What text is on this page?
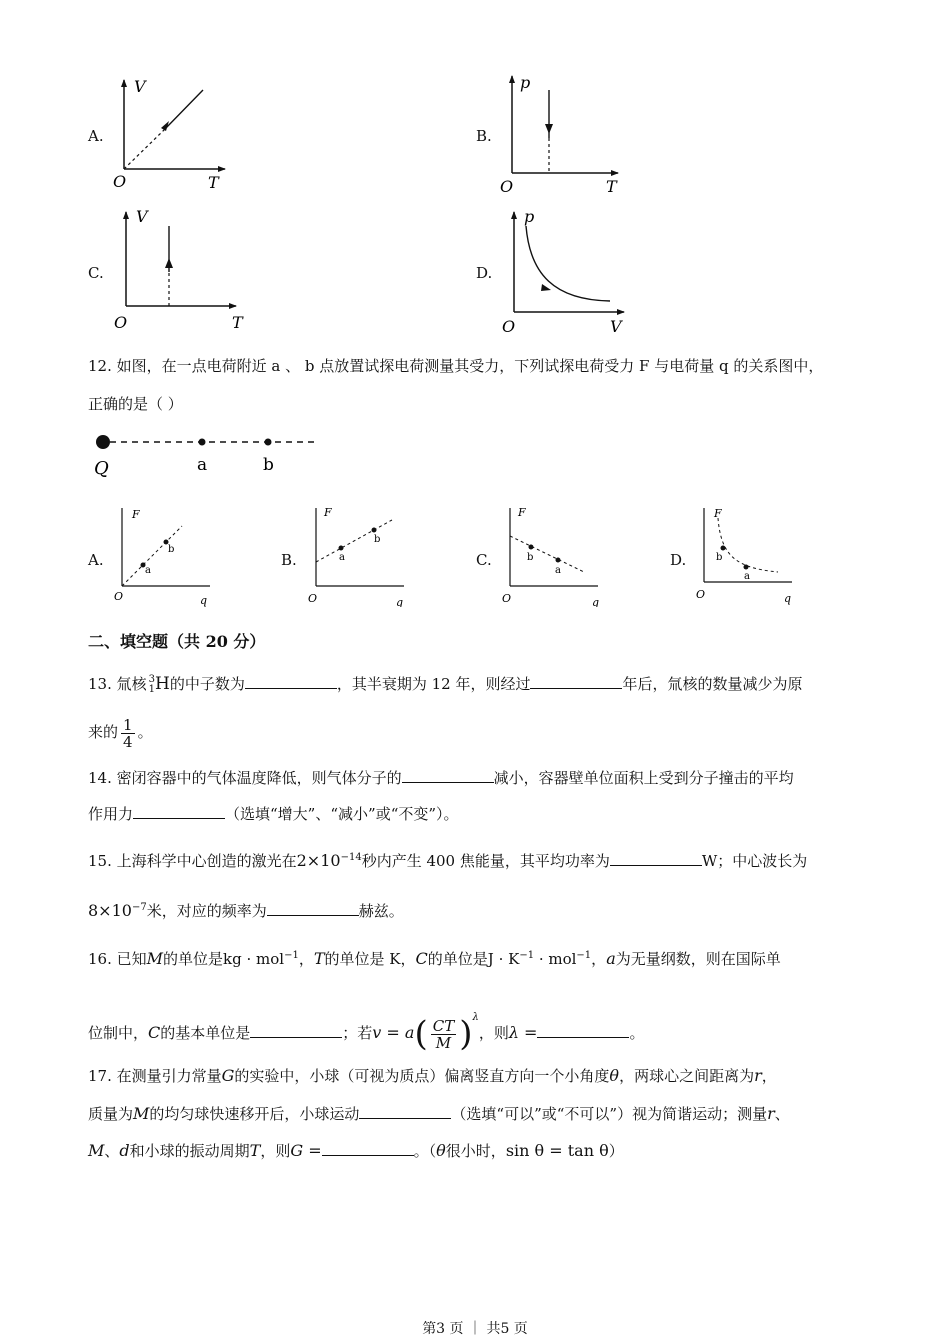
A.
V
T
O
B.
p
T
O
C.
V
T
O
D.
p
V
O
12. 如图，在一点电荷附近 a 、 b 点放置试探电荷测量其受力，下列试探电荷受力 F 与电荷量 q 的关系图中，
正确的是（ ）
Q	a	b
A.
a
b
F
q
O
B.	a
b
F
q
O
C.	b
a
F
q
O
D.	b
a
F
q
O
二、填空题（共 20 分）
13. 氚核 3
1 H的中子数为	，其半衰期为 12 年，则经过	年后，氚核的数量减少为原
来的 $\frac{1}{4}$ 。
14. 密闭容器中的气体温度降低，则气体分子的	减小，容器壁单位面积上受到分子撞击的平均
作用力	（选填“增大”、“减小”或“不变”）。
15. 上海科学中心创造的激光在$2\times 10^{-14}$秒内产生 400 焦能量，其平均功率为	W；中心波长为
$8\times 10^{-7}$米，对应的频率为	赫兹。
16. 已知M的单位是kg · mol$^{-1}$，T的单位是 K，C的单位是$J \cdot K^{-1} \cdot mol^{-1}$，a为无量纲数，则在国际单
位制中，C的基本单位是	；若$v = a( \frac{CT}{M} )^\lambda$，则λ =	。
17. 在测量引力常量G的实验中，小球（可视为质点）偏离竖直方向一个小角度θ，两球心之间距离为r，
质量为M的均匀球快速移开后，小球运动	（选填“可以”或“不可以”）视为简谐运动；测量r、
M、d和小球的振动周期T，则G =	。（θ很小时，sin θ = tan θ）
第3 页 ｜ 共5 页
